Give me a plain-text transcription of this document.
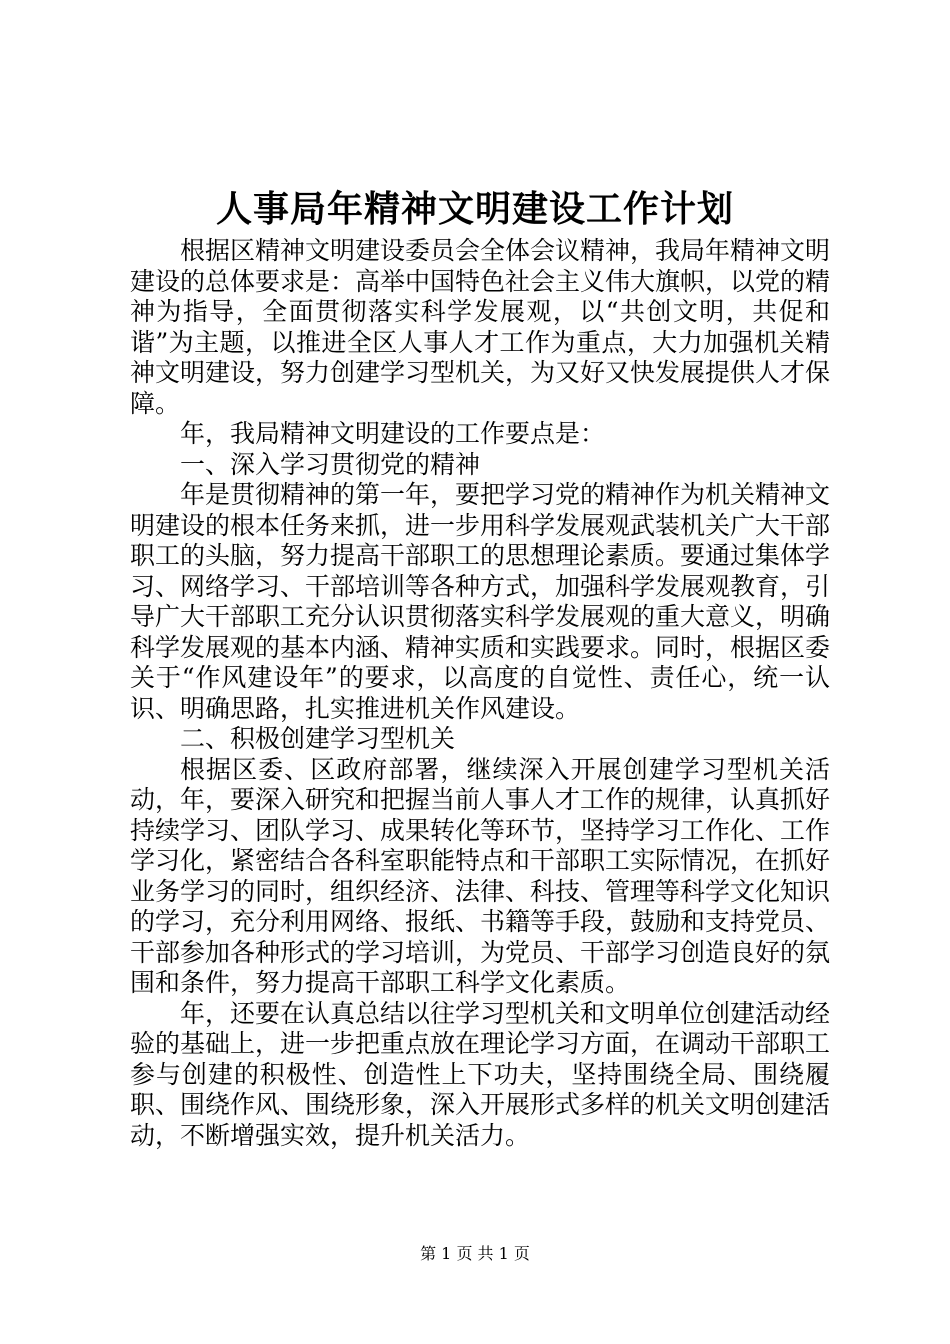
人事局年精神文明建设工作计划

根据区精神文明建设委员会全体会议精神，我局年精神文明建设的总体要求是：高举中国特色社会主义伟大旗帜，以党的精神为指导，全面贯彻落实科学发展观，以“共创文明，共促和谐”为主题，以推进全区人事人才工作为重点，大力加强机关精神文明建设，努力创建学习型机关，为又好又快发展提供人才保障。

年，我局精神文明建设的工作要点是：

一、深入学习贯彻党的精神

年是贯彻精神的第一年，要把学习党的精神作为机关精神文明建设的根本任务来抓，进一步用科学发展观武装机关广大干部职工的头脑，努力提高干部职工的思想理论素质。要通过集体学习、网络学习、干部培训等各种方式，加强科学发展观教育，引导广大干部职工充分认识贯彻落实科学发展观的重大意义，明确科学发展观的基本内涵、精神实质和实践要求。同时，根据区委关于“作风建设年”的要求，以高度的自觉性、责任心，统一认识、明确思路，扎实推进机关作风建设。

二、积极创建学习型机关

根据区委、区政府部署，继续深入开展创建学习型机关活动，年，要深入研究和把握当前人事人才工作的规律，认真抓好持续学习、团队学习、成果转化等环节，坚持学习工作化、工作学习化，紧密结合各科室职能特点和干部职工实际情况，在抓好业务学习的同时，组织经济、法律、科技、管理等科学文化知识的学习，充分利用网络、报纸、书籍等手段，鼓励和支持党员、干部参加各种形式的学习培训，为党员、干部学习创造良好的氛围和条件，努力提高干部职工科学文化素质。

年，还要在认真总结以往学习型机关和文明单位创建活动经验的基础上，进一步把重点放在理论学习方面，在调动干部职工参与创建的积极性、创造性上下功夫，坚持围绕全局、围绕履职、围绕作风、围绕形象，深入开展形式多样的机关文明创建活动，不断增强实效，提升机关活力。

第 1 页 共 1 页
